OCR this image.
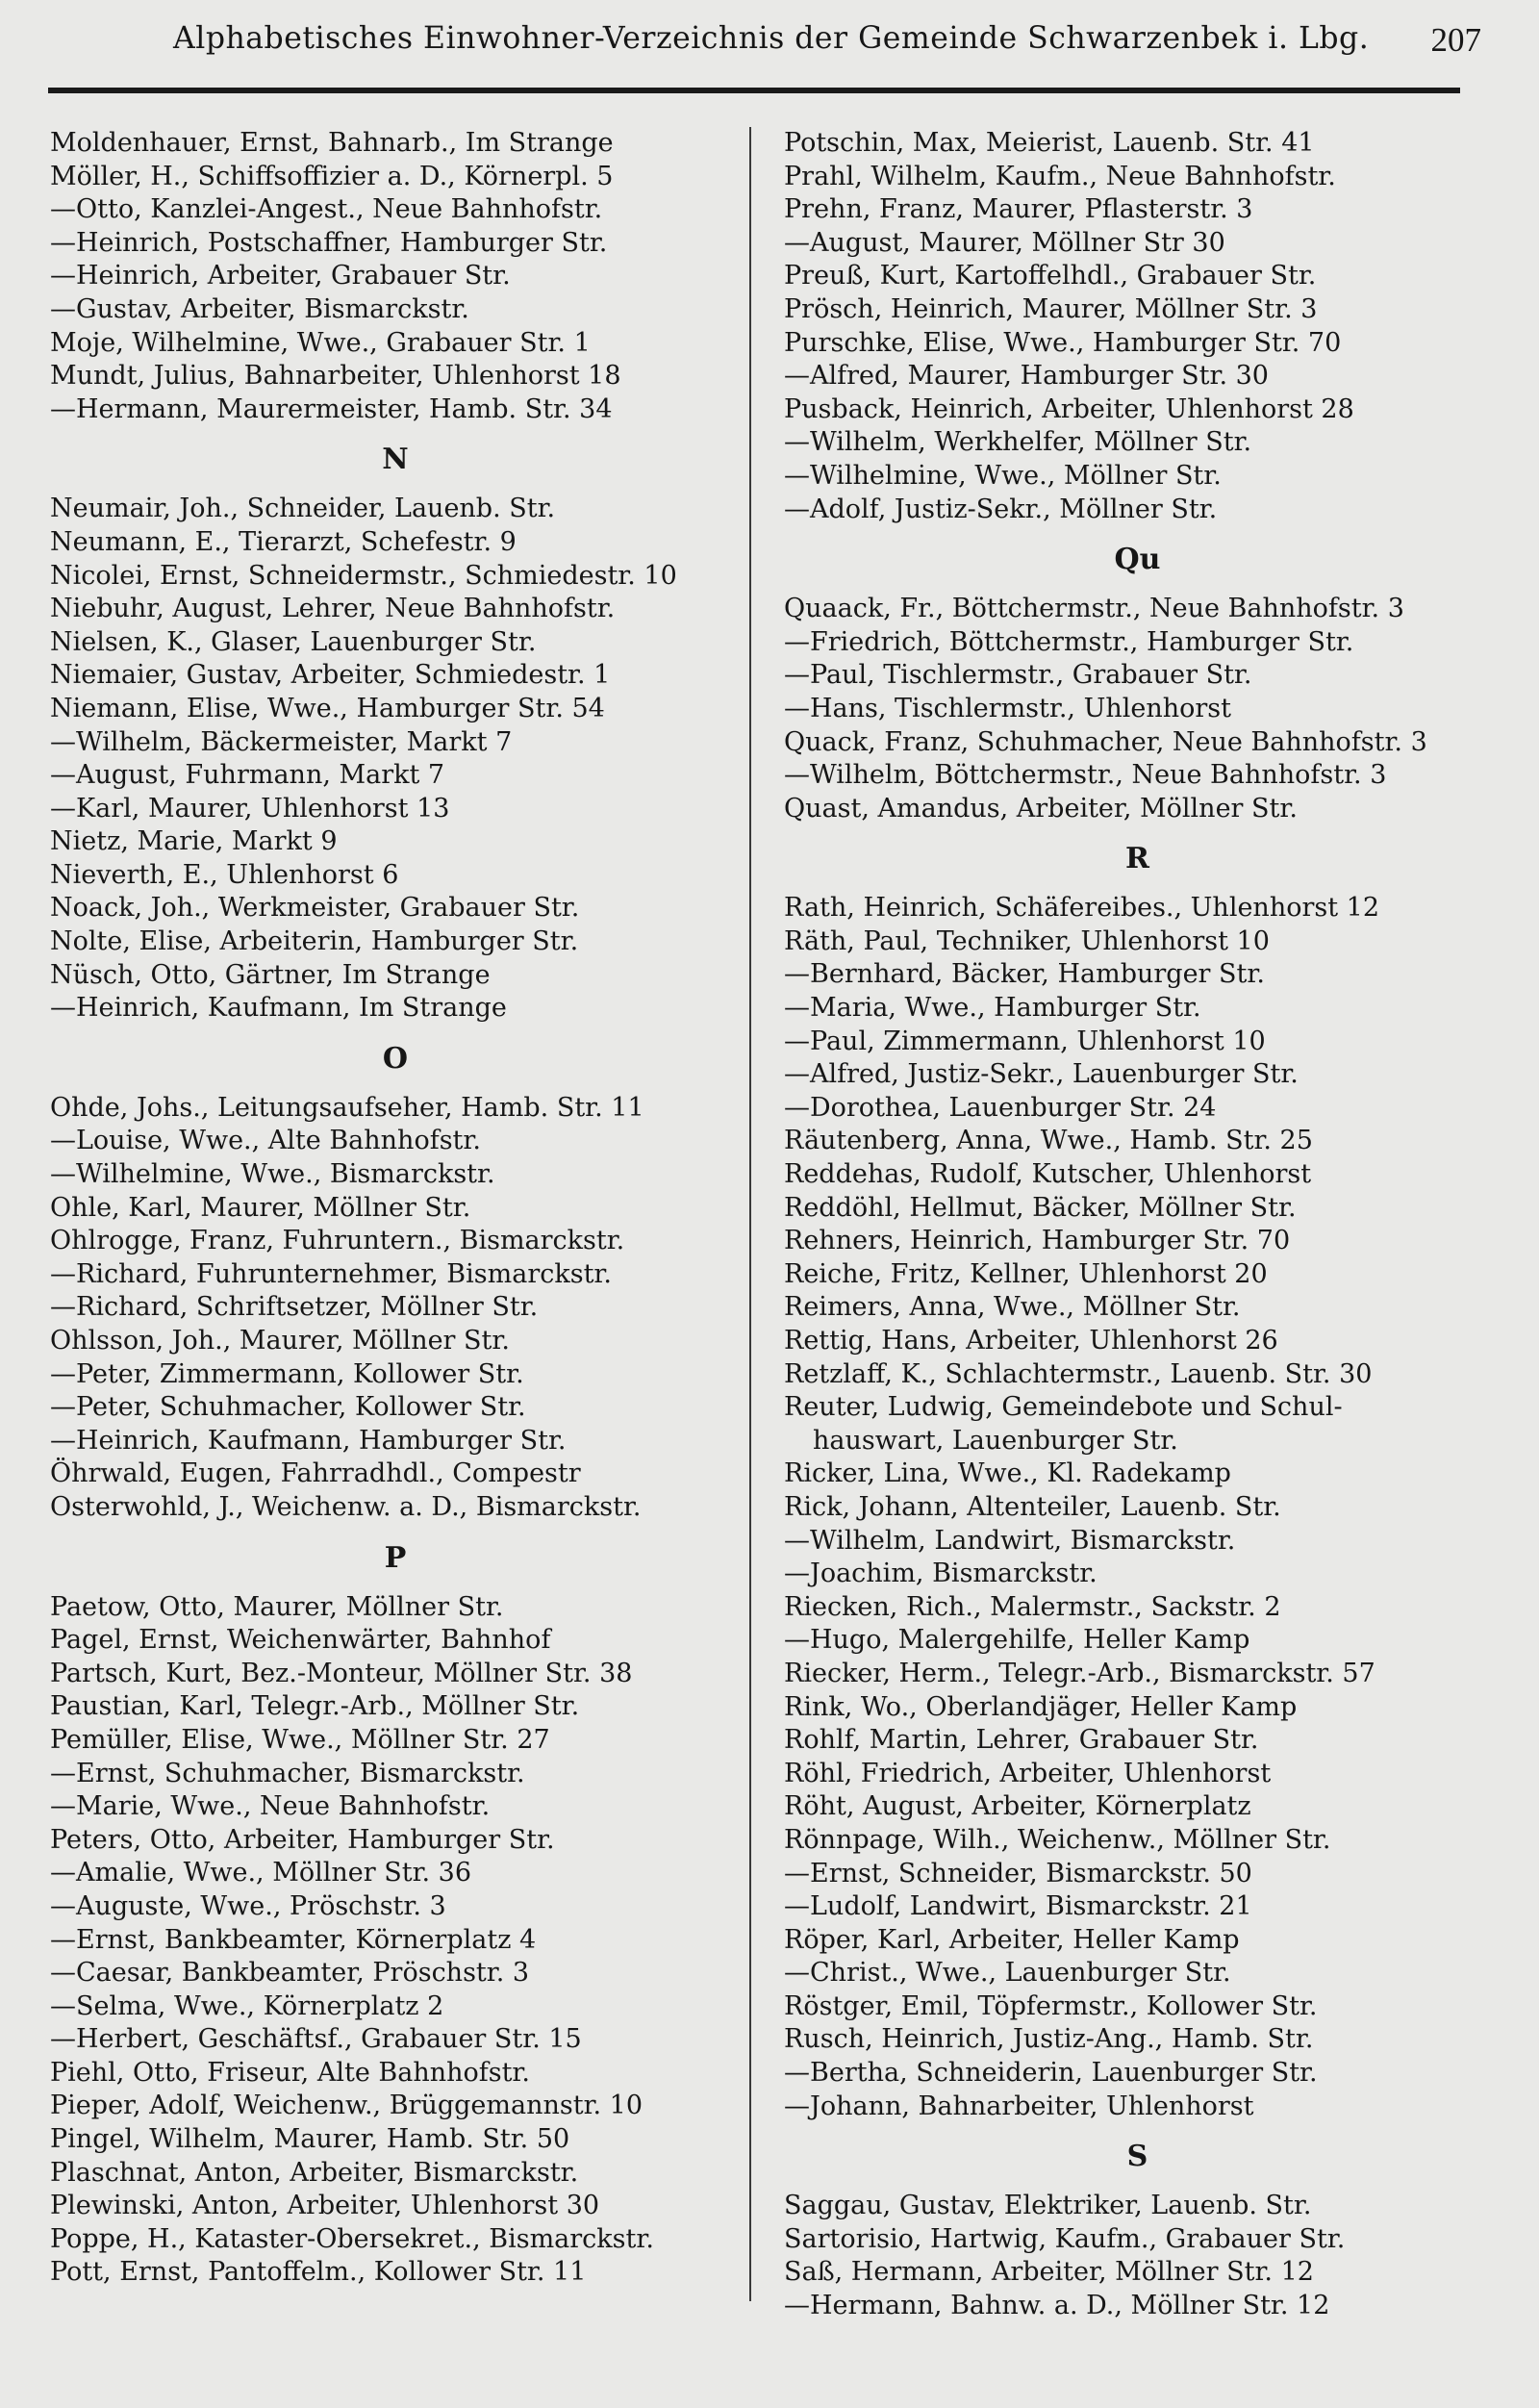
Alphabetisches Einwohner-Verzeichnis der Gemeinde Schwarzenbek i. Lbg. 207
Moldenhauer, Ernst, Bahnarb., Im Strange
Möller, H., Schiffsoffizier a. D., Körnerpl. 5
—Otto, Kanzlei-Angest., Neue Bahnhofstr.
—Heinrich, Postschaffner, Hamburger Str.
—Heinrich, Arbeiter, Grabauer Str.
—Gustav, Arbeiter, Bismarckstr.
Moje, Wilhelmine, Wwe., Grabauer Str. 1
Mundt, Julius, Bahnarbeiter, Uhlenhorst 18
—Hermann, Maurermeister, Hamb. Str. 34
N
Neumair, Joh., Schneider, Lauenb. Str.
Neumann, E., Tierarzt, Schefestr. 9
Nicolei, Ernst, Schneidermstr., Schmiedestr. 10
Niebuhr, August, Lehrer, Neue Bahnhofstr.
Nielsen, K., Glaser, Lauenburger Str.
Niemaier, Gustav, Arbeiter, Schmiedestr. 1
Niemann, Elise, Wwe., Hamburger Str. 54
—Wilhelm, Bäckermeister, Markt 7
—August, Fuhrmann, Markt 7
—Karl, Maurer, Uhlenhorst 13
Nietz, Marie, Markt 9
Nieverth, E., Uhlenhorst 6
Noack, Joh., Werkmeister, Grabauer Str.
Nolte, Elise, Arbeiterin, Hamburger Str.
Nüsch, Otto, Gärtner, Im Strange
—Heinrich, Kaufmann, Im Strange
O
Ohde, Johs., Leitungsaufseher, Hamb. Str. 11
—Louise, Wwe., Alte Bahnhofstr.
—Wilhelmine, Wwe., Bismarckstr.
Ohle, Karl, Maurer, Möllner Str.
Ohlrogge, Franz, Fuhruntern., Bismarckstr.
—Richard, Fuhrunternehmer, Bismarckstr.
—Richard, Schriftsetzer, Möllner Str.
Ohlsson, Joh., Maurer, Möllner Str.
—Peter, Zimmermann, Kollower Str.
—Peter, Schuhmacher, Kollower Str.
—Heinrich, Kaufmann, Hamburger Str.
Öhrwald, Eugen, Fahrradhdl., Compestr
Osterwohld, J., Weichenw. a. D., Bismarckstr.
P
Paetow, Otto, Maurer, Möllner Str.
Pagel, Ernst, Weichenwärter, Bahnhof
Partsch, Kurt, Bez.-Monteur, Möllner Str. 38
Paustian, Karl, Telegr.-Arb., Möllner Str.
Pemüller, Elise, Wwe., Möllner Str. 27
—Ernst, Schuhmacher, Bismarckstr.
—Marie, Wwe., Neue Bahnhofstr.
Peters, Otto, Arbeiter, Hamburger Str.
—Amalie, Wwe., Möllner Str. 36
—Auguste, Wwe., Pröschstr. 3
—Ernst, Bankbeamter, Körnerplatz 4
—Caesar, Bankbeamter, Pröschstr. 3
—Selma, Wwe., Körnerplatz 2
—Herbert, Geschäftsf., Grabauer Str. 15
Piehl, Otto, Friseur, Alte Bahnhofstr.
Pieper, Adolf, Weichenw., Brüggemannstr. 10
Pingel, Wilhelm, Maurer, Hamb. Str. 50
Plaschnat, Anton, Arbeiter, Bismarckstr.
Plewinski, Anton, Arbeiter, Uhlenhorst 30
Poppe, H., Kataster-Obersekret., Bismarckstr.
Pott, Ernst, Pantoffelm., Kollower Str. 11
Potschin, Max, Meierist, Lauenb. Str. 41
Prahl, Wilhelm, Kaufm., Neue Bahnhofstr.
Prehn, Franz, Maurer, Pflasterstr. 3
—August, Maurer, Möllner Str 30
Preuß, Kurt, Kartoffelhdl., Grabauer Str.
Prösch, Heinrich, Maurer, Möllner Str. 3
Purschke, Elise, Wwe., Hamburger Str. 70
—Alfred, Maurer, Hamburger Str. 30
Pusback, Heinrich, Arbeiter, Uhlenhorst 28
—Wilhelm, Werkhelfer, Möllner Str.
—Wilhelmine, Wwe., Möllner Str.
—Adolf, Justiz-Sekr., Möllner Str.
Qu
Quaack, Fr., Böttchermstr., Neue Bahnhofstr. 3
—Friedrich, Böttchermstr., Hamburger Str.
—Paul, Tischlermstr., Grabauer Str.
—Hans, Tischlermstr., Uhlenhorst
Quack, Franz, Schuhmacher, Neue Bahnhofstr. 3
—Wilhelm, Böttchermstr., Neue Bahnhofstr. 3
Quast, Amandus, Arbeiter, Möllner Str.
R
Rath, Heinrich, Schäfereibes., Uhlenhorst 12
Räth, Paul, Techniker, Uhlenhorst 10
—Bernhard, Bäcker, Hamburger Str.
—Maria, Wwe., Hamburger Str.
—Paul, Zimmermann, Uhlenhorst 10
—Alfred, Justiz-Sekr., Lauenburger Str.
—Dorothea, Lauenburger Str. 24
Räutenberg, Anna, Wwe., Hamb. Str. 25
Reddehas, Rudolf, Kutscher, Uhlenhorst
Reddöhl, Hellmut, Bäcker, Möllner Str.
Rehners, Heinrich, Hamburger Str. 70
Reiche, Fritz, Kellner, Uhlenhorst 20
Reimers, Anna, Wwe., Möllner Str.
Rettig, Hans, Arbeiter, Uhlenhorst 26
Retzlaff, K., Schlachtermstr., Lauenb. Str. 30
Reuter, Ludwig, Gemeindebote und Schul-
hauswart, Lauenburger Str.
Ricker, Lina, Wwe., Kl. Radekamp
Rick, Johann, Altenteiler, Lauenb. Str.
—Wilhelm, Landwirt, Bismarckstr.
—Joachim, Bismarckstr.
Riecken, Rich., Malermstr., Sackstr. 2
—Hugo, Malergehilfe, Heller Kamp
Riecker, Herm., Telegr.-Arb., Bismarckstr. 57
Rink, Wo., Oberlandjäger, Heller Kamp
Rohlf, Martin, Lehrer, Grabauer Str.
Röhl, Friedrich, Arbeiter, Uhlenhorst
Röht, August, Arbeiter, Körnerplatz
Rönnpage, Wilh., Weichenw., Möllner Str.
—Ernst, Schneider, Bismarckstr. 50
—Ludolf, Landwirt, Bismarckstr. 21
Röper, Karl, Arbeiter, Heller Kamp
—Christ., Wwe., Lauenburger Str.
Röstger, Emil, Töpfermstr., Kollower Str.
Rusch, Heinrich, Justiz-Ang., Hamb. Str.
—Bertha, Schneiderin, Lauenburger Str.
—Johann, Bahnarbeiter, Uhlenhorst
S
Saggau, Gustav, Elektriker, Lauenb. Str.
Sartorisio, Hartwig, Kaufm., Grabauer Str.
Saß, Hermann, Arbeiter, Möllner Str. 12
—Hermann, Bahnw. a. D., Möllner Str. 12
